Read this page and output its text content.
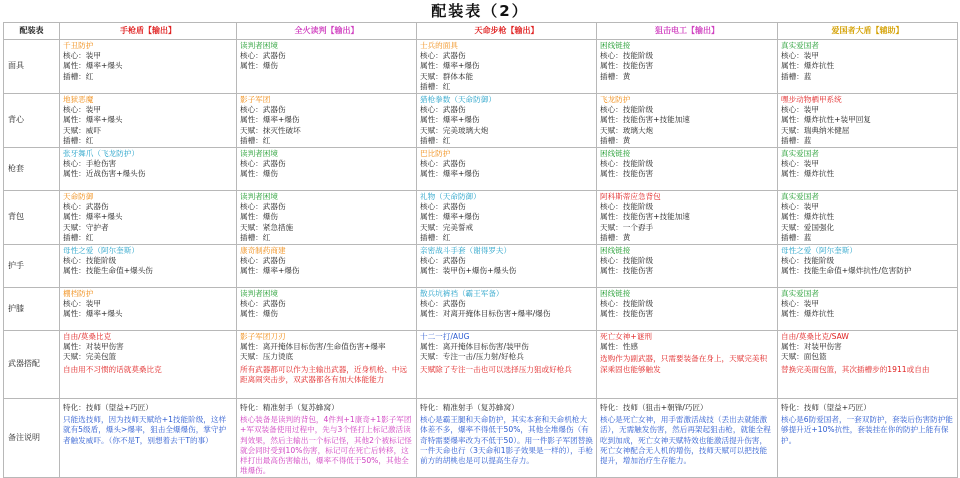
配装表（2）
配装表	手枪盾【输出】	全火读判【输出】	天命步枪【输出】	狙击电工【输出】	爱国者大盾【辅助】
面具	千丑防护
核心：装甲
属性：爆率+爆头
插槽：红	读判者困境
核心：武器伤
属性：爆伤	士兵的面具
核心：武器伤
属性：爆率+爆伤
天赋：群体本能
插槽：红	困线链接
核心：技能阶级
属性：技能伤害
插槽：黄	真实爱国者
核心：装甲
属性：爆炸抗性
插槽：蓝

背心	地狱恶魔
核心：装甲
属性：爆率+爆头
天赋：威吓
插槽：红	影子军团
核心：武器伤
属性：爆率+爆伤
天赋：抹灭性破坏
插槽：红	猎枪拳数（天命防御）
核心：武器伤
属性：爆率+爆伤
天赋：完美玻璃大炮
插槽：红	飞龙防护
核心：技能阶级
属性：技能伤害+技能加速
天赋：玻璃大炮
插槽：黄	嘿步动物栖甲系统
核心：装甲
属性：爆炸抗性+装甲回复
天赋：瑞典纳米健屈
插槽：蓝

枪套	张牙舞爪（飞龙防护）
核心：手枪伤害
属性：近战伤害+爆头伤	读判者困境
核心：武器伤
属性：爆伤	巴比防护
核心：武器伤
属性：爆率+爆伤	困线链接
核心：技能阶级
属性：技能伤害	真实爱国者
核心：装甲
属性：爆炸抗性

背包	天命防御
核心：武器伤
属性：爆率+爆头
天赋：守护者
插槽：红	读判者困境
核心：武器伤
属性：爆伤
天赋：紧急措施
插槽：红	礼物（天命防御）
核心：武器伤
属性：爆率+爆伤
天赋：完美誓戒
插槽：红	阿科斯蒂应急背包
核心：技能阶级
属性：技能伤害+技能加速
天赋：一个孬手
插槽：黄	真实爱国者
核心：装甲
属性：爆炸抗性
天赋：爱国强化
插槽：蓝

护手	母性之爱（阿尔奎斯）
核心：技能阶级
属性：技能生命值+爆头伤	康奇制药商建
核心：武器伤
属性：爆率+爆伤	亲密战斗手套（谢得罗夫）
核心：武器伤
属性：装甲伤+爆伤+爆头伤	困线链接
核心：技能阶级
属性：技能伤害	母性之爱（阿尔奎斯）
核心：技能阶级
属性：技能生命值+爆炸抗性/危害防护

护膝	棚档防护
核心：装甲
属性：爆率+爆头	读判者困境
核心：武器伤
属性：爆伤	散兵坑裤裆（霸王军备）
核心：武器伤
属性：对离开掩体目标伤害+爆率/爆伤	困线链接
核心：技能阶级
属性：技能伤害	真实爱国者
核心：装甲
属性：爆炸抗性

武器搭配	自由/莫桑比克
属性：对装甲伤害
天赋：完美包篮
自由用不习惯的话就莫桑比克	影子军团刀刃
属性：离开掩体目标伤害/生命值伤害+爆率
天赋：压力烫底
所有武器都可以作为主输出武器，近身机枪、中远距离闹突击步，双武器都各有加大体能能力	十二一打/AUG
属性：离开掩体目标伤害/装甲伤
天赋：专注一击/压力射/好枪兵
天赋除了专注一击也可以选择压力狙或好枪兵	死亡女神+谜刑
属性：性感
选购作为副武器，只需要装备在身上，天赋完美积深乘固也能够触发	自由/莫桑比克/SAW
属性：对装甲伤害
天赋：面包篮
替换完美面包篮，其次插槽步的1911或自由

备注说明	特化：技师（望益+巧匠）
只能选技师，因为技师天赋给+1技能阶级，这样就有5级盾，爆头>爆率，狙击全爆爆伤，掌守护者触发威吓。（你不是T，别想着去干T的事）	特化：精准射手（复苏蜂窝）
核心装备是读判的背包，4件判+1康奇+1影子军团+军双装备使用过程中，先与3个怪打上标记激活读判效果，然后主输出一个标记怪，其他2个被标记怪就会同时受到10%伤害，标记可在死亡后转移，这样打出最高伤害输出，爆率不得低于50%，其他全堆爆伤。	特化：精准射手（复苏蜂窝）
核心是霸王腿和天命防护，其实本套和天命机枪大体差不多，爆率不得低于50%，其他全堆爆伤（有奇特需要爆率改为不低于50）。用一件影子军团替换一件天命也行（3天命和1影子效果是一样的），手枪前方的胡桃也是可以提高生存力。	特化：技师（狙击+朝锋/巧匠）
核心是死亡女神，用手雷激活战技（丢出去就能激活），无需触发伤害，然后再架起狙击枪，就能全程吃到加成，死亡女神天赋特效也能激活提升伤害，死亡女神配合无人机的增伤，技师天赋可以把技能提升，增加治疗生存能力。	特化：技师（望益+巧匠）
核心是6防爱国者，一套双防护，套装后伤害防护能够提升近+10%抗性，套装挂在你的防护上能有保护。
